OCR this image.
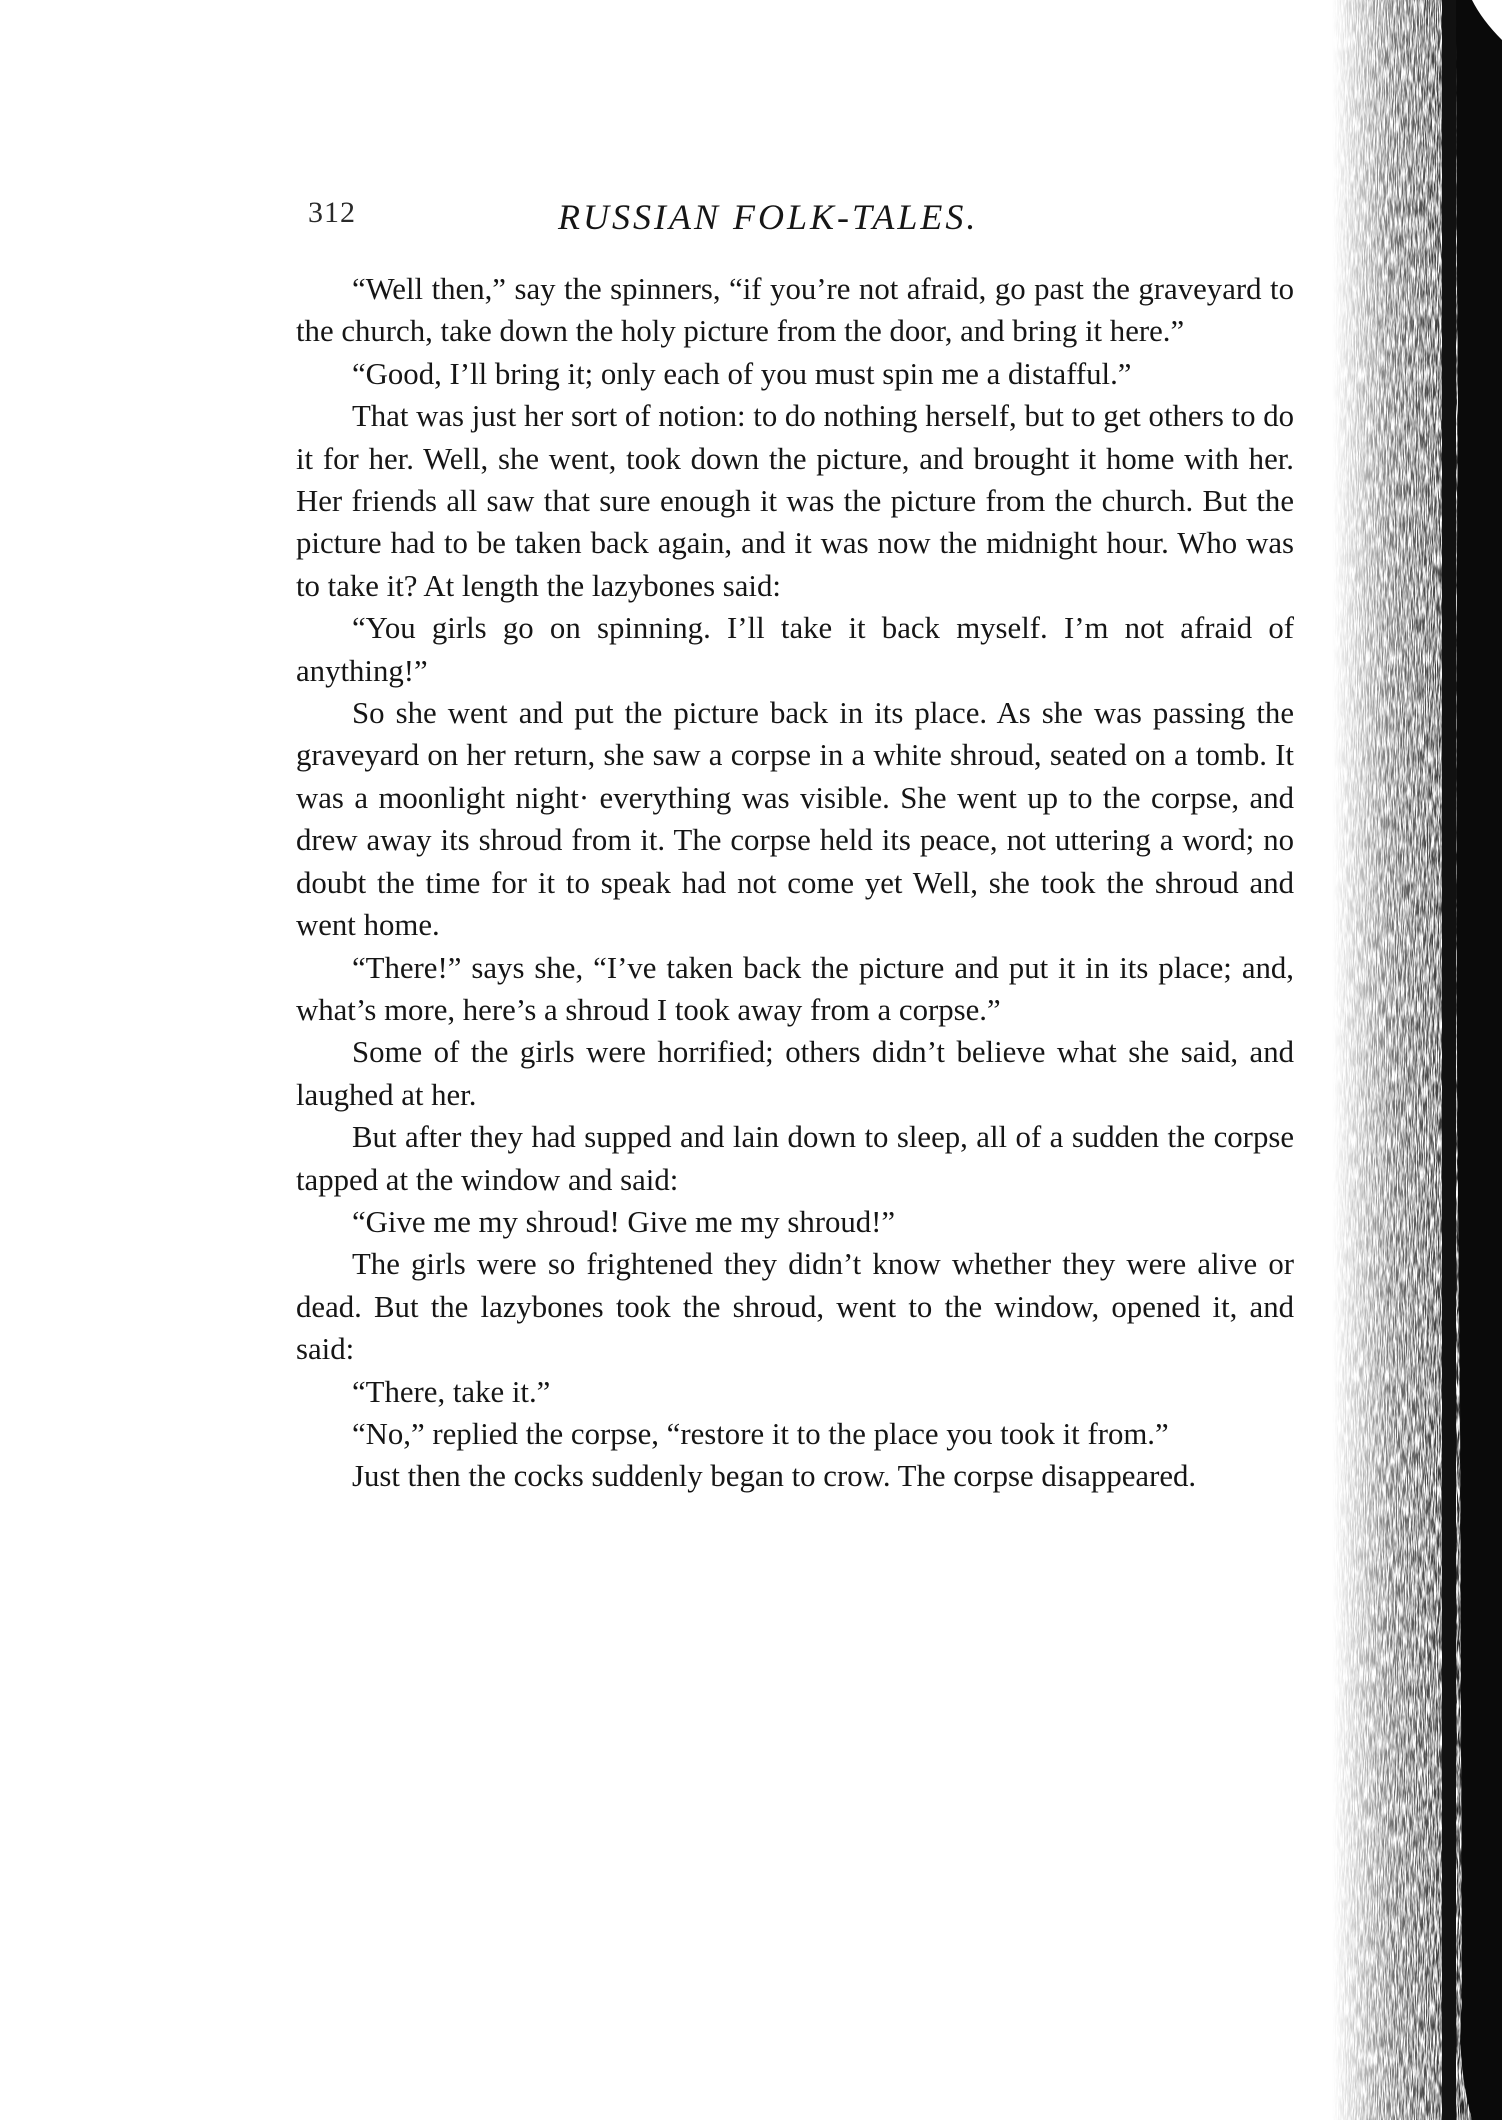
312	RUSSIAN FOLK-TALES.

“Well then,” say the spinners, “if you’re not afraid, go past the graveyard to the church, take down the holy picture from the door, and bring it here.”

“Good, I’ll bring it; only each of you must spin me a distafful.”

That was just her sort of notion: to do nothing herself, but to get others to do it for her. Well, she went, took down the picture, and brought it home with her. Her friends all saw that sure enough it was the picture from the church. But the picture had to be taken back again, and it was now the midnight hour. Who was to take it? At length the lazybones said:

“You girls go on spinning. I’ll take it back myself. I’m not afraid of anything!”

So she went and put the picture back in its place. As she was passing the graveyard on her return, she saw a corpse in a white shroud, seated on a tomb. It was a moonlight night· everything was visible. She went up to the corpse, and drew away its shroud from it. The corpse held its peace, not uttering a word; no doubt the time for it to speak had not come yet Well, she took the shroud and went home.

“There!” says she, “I’ve taken back the picture and put it in its place; and, what’s more, here’s a shroud I took away from a corpse.”

Some of the girls were horrified; others didn’t believe what she said, and laughed at her.

But after they had supped and lain down to sleep, all of a sudden the corpse tapped at the window and said:

“Give me my shroud! Give me my shroud!”

The girls were so frightened they didn’t know whether they were alive or dead. But the lazybones took the shroud, went to the window, opened it, and said:

“There, take it.”

“No,” replied the corpse, “restore it to the place you took it from.”

Just then the cocks suddenly began to crow. The corpse disappeared.
